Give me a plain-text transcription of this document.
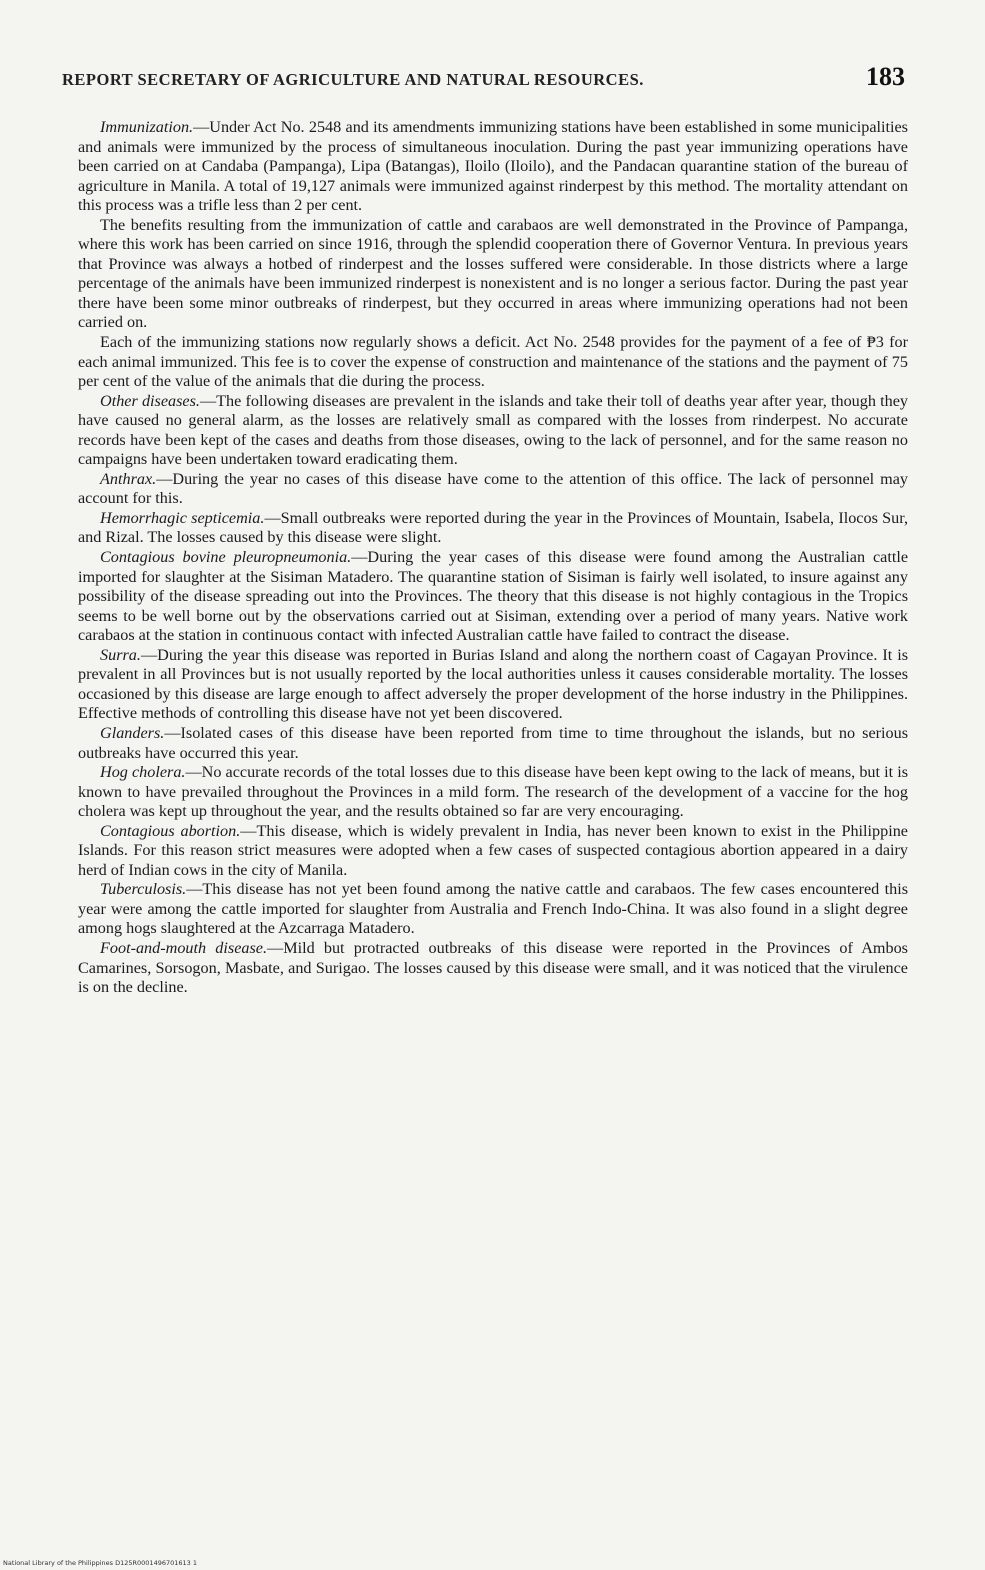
REPORT SECRETARY OF AGRICULTURE AND NATURAL RESOURCES.	183

Immunization.—Under Act No. 2548 and its amendments immunizing stations have been established in some municipalities and animals were immunized by the process of simultaneous inoculation. During the past year immunizing operations have been carried on at Candaba (Pampanga), Lipa (Batangas), Iloilo (Iloilo), and the Pandacan quarantine station of the bureau of agriculture in Manila. A total of 19,127 animals were immunized against rinderpest by this method. The mortality attendant on this process was a trifle less than 2 per cent.

The benefits resulting from the immunization of cattle and carabaos are well demonstrated in the Province of Pampanga, where this work has been carried on since 1916, through the splendid cooperation there of Governor Ventura. In previous years that Province was always a hotbed of rinderpest and the losses suffered were considerable. In those districts where a large percentage of the animals have been immunized rinderpest is nonexistent and is no longer a serious factor. During the past year there have been some minor outbreaks of rinderpest, but they occurred in areas where immunizing operations had not been carried on.

Each of the immunizing stations now regularly shows a deficit. Act No. 2548 provides for the payment of a fee of ₱3 for each animal immunized. This fee is to cover the expense of construction and maintenance of the stations and the payment of 75 per cent of the value of the animals that die during the process.

Other diseases.—The following diseases are prevalent in the islands and take their toll of deaths year after year, though they have caused no general alarm, as the losses are relatively small as compared with the losses from rinderpest. No accurate records have been kept of the cases and deaths from those diseases, owing to the lack of personnel, and for the same reason no campaigns have been undertaken toward eradicating them.

Anthrax.—During the year no cases of this disease have come to the attention of this office. The lack of personnel may account for this.

Hemorrhagic septicemia.—Small outbreaks were reported during the year in the Provinces of Mountain, Isabela, Ilocos Sur, and Rizal. The losses caused by this disease were slight.

Contagious bovine pleuropneumonia.—During the year cases of this disease were found among the Australian cattle imported for slaughter at the Sisiman Matadero. The quarantine station of Sisiman is fairly well isolated, to insure against any possibility of the disease spreading out into the Provinces. The theory that this disease is not highly contagious in the Tropics seems to be well borne out by the observations carried out at Sisiman, extending over a period of many years. Native work carabaos at the station in continuous contact with infected Australian cattle have failed to contract the disease.

Surra.—During the year this disease was reported in Burias Island and along the northern coast of Cagayan Province. It is prevalent in all Provinces but is not usually reported by the local authorities unless it causes considerable mortality. The losses occasioned by this disease are large enough to affect adversely the proper development of the horse industry in the Philippines. Effective methods of controlling this disease have not yet been discovered.

Glanders.—Isolated cases of this disease have been reported from time to time throughout the islands, but no serious outbreaks have occurred this year.

Hog cholera.—No accurate records of the total losses due to this disease have been kept owing to the lack of means, but it is known to have prevailed throughout the Provinces in a mild form. The research of the development of a vaccine for the hog cholera was kept up throughout the year, and the results obtained so far are very encouraging.

Contagious abortion.—This disease, which is widely prevalent in India, has never been known to exist in the Philippine Islands. For this reason strict measures were adopted when a few cases of suspected contagious abortion appeared in a dairy herd of Indian cows in the city of Manila.

Tuberculosis.—This disease has not yet been found among the native cattle and carabaos. The few cases encountered this year were among the cattle imported for slaughter from Australia and French Indo-China. It was also found in a slight degree among hogs slaughtered at the Azcarraga Matadero.

Foot-and-mouth disease.—Mild but protracted outbreaks of this disease were reported in the Provinces of Ambos Camarines, Sorsogon, Masbate, and Surigao. The losses caused by this disease were small, and it was noticed that the virulence is on the decline.

National Library of the Philippines D125R0001496701613 1
